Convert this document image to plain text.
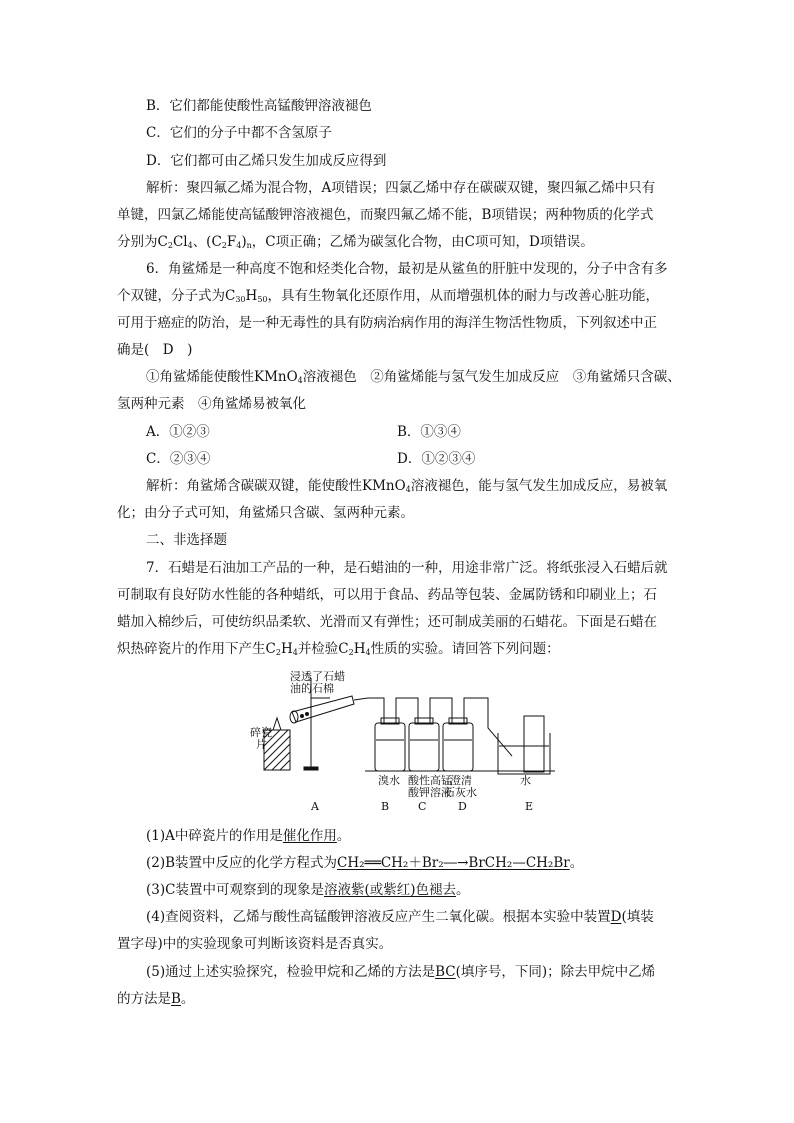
B．它们都能使酸性高锰酸钾溶液褪色
C．它们的分子中都不含氢原子
D．它们都可由乙烯只发生加成反应得到
解析：聚四氟乙烯为混合物，A项错误；四氯乙烯中存在碳碳双键，聚四氟乙烯中只有
单键，四氯乙烯能使高锰酸钾溶液褪色，而聚四氟乙烯不能，B项错误；两种物质的化学式
分别为$C_2Cl_4$、$(C_2F_4)_n$，C项正确；乙烯为碳氢化合物，由C项可知，D项错误。
6．角鲨烯是一种高度不饱和烃类化合物，最初是从鲨鱼的肝脏中发现的，分子中含有多
个双键，分子式为$C_{30}H_{50}$，具有生物氧化还原作用，从而增强机体的耐力与改善心脏功能，
可用于癌症的防治，是一种无毒性的具有防病治病作用的海洋生物活性物质，下列叙述中正
确是(　D　)
①角鲨烯能使酸性KMnO$_4$溶液褪色　②角鲨烯能与氢气发生加成反应　③角鲨烯只含碳、
氢两种元素　④角鲨烯易被氧化
A．①②③	B．①③④
C．②③④	D．①②③④
解析：角鲨烯含碳碳双键，能使酸性KMnO$_4$溶液褪色，能与氢气发生加成反应，易被氧
化；由分子式可知，角鲨烯只含碳、氢两种元素。
二、非选择题
7．石蜡是石油加工产品的一种，是石蜡油的一种，用途非常广泛。将纸张浸入石蜡后就
可制取有良好防水性能的各种蜡纸，可以用于食品、药品等包装、金属防锈和印刷业上；石
蜡加入棉纱后，可使纺织品柔软、光滑而又有弹性；还可制成美丽的石蜡花。下面是石蜡在
炽热碎瓷片的作用下产生$C_2H_4$并检验$C_2H_4$性质的实验。请回答下列问题：
浸透了石蜡
油的石棉
碎瓷
片
溴水 酸性高锰
酸钾溶液
澄清
石灰水
水
A	B	C	D	E
(1)A中碎瓷片的作用是催化作用。
(2)B装置中反应的化学方程式为CH₂══CH₂＋Br₂―→BrCH₂—CH₂Br。
(3)C装置中可观察到的现象是溶液紫(或紫红)色褪去。
(4)查阅资料，乙烯与酸性高锰酸钾溶液反应产生二氧化碳。根据本实验中装置D(填装
置字母)中的实验现象可判断该资料是否真实。
(5)通过上述实验探究，检验甲烷和乙烯的方法是BC(填序号，下同)；除去甲烷中乙烯
的方法是B。
